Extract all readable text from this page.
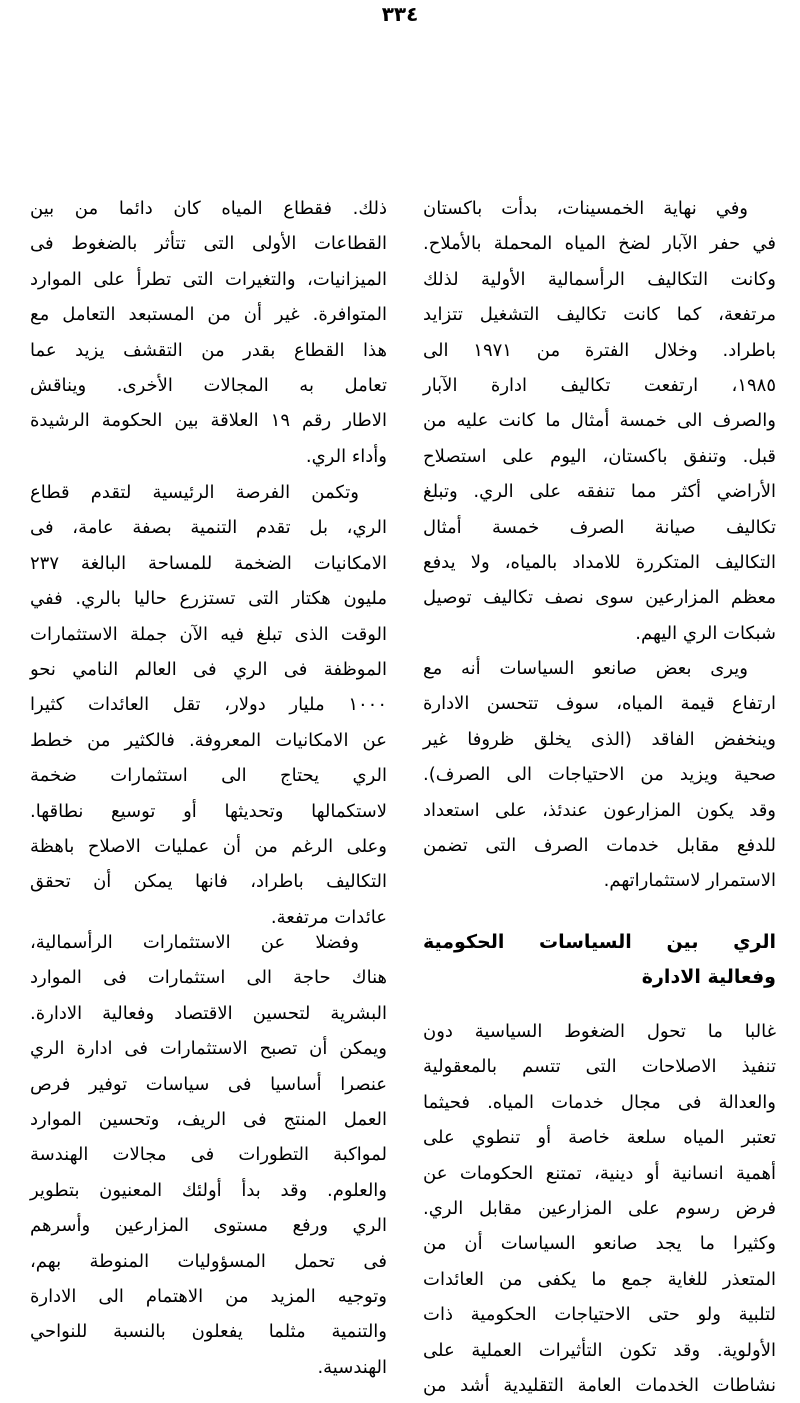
٣٣٤
وفي نهاية الخمسينات، بدأت باكستان
في حفر الآبار لضخ المياه المحملة بالأملاح.
وكانت التكاليف الرأسمالية الأولية لذلك
مرتفعة، كما كانت تكاليف التشغيل تتزايد
باطراد. وخلال الفترة من ١٩٧١ الى
١٩٨٥، ارتفعت تكاليف ادارة الآبار
والصرف الى خمسة أمثال ما كانت عليه من
قبل. وتنفق باكستان، اليوم على استصلاح
الأراضي أكثر مما تنفقه على الري. وتبلغ
تكاليف صيانة الصرف خمسة أمثال
التكاليف المتكررة للامداد بالمياه، ولا يدفع
معظم المزارعين سوى نصف تكاليف توصيل
شبكات الري اليهم.
ويرى بعض صانعو السياسات أنه مع
ارتفاع قيمة المياه، سوف تتحسن الادارة
وينخفض الفاقد (الذى يخلق ظروفا غير
صحية ويزيد من الاحتياجات الى الصرف).
وقد يكون المزارعون عندئذ، على استعداد
للدفع مقابل خدمات الصرف التى تضمن
الاستمرار لاستثماراتهم.
الري بين السياسات الحكومية
وفعالية الادارة
غالبا ما تحول الضغوط السياسية دون
تنفيذ الاصلاحات التى تتسم بالمعقولية
والعدالة فى مجال خدمات المياه. فحيثما
تعتبر المياه سلعة خاصة أو تنطوي على
أهمية انسانية أو دينية، تمتنع الحكومات عن
فرض رسوم على المزارعين مقابل الري.
وكثيرا ما يجد صانعو السياسات أن من
المتعذر للغاية جمع ما يكفى من العائدات
لتلبية ولو حتى الاحتياجات الحكومية ذات
الأولوية. وقد تكون التأثيرات العملية على
نشاطات الخدمات العامة التقليدية أشد من
ذلك. فقطاع المياه كان دائما من بين
القطاعات الأولى التى تتأثر بالضغوط فى
الميزانيات، والتغيرات التى تطرأ على الموارد
المتوافرة. غير أن من المستبعد التعامل مع
هذا القطاع بقدر من التقشف يزيد عما
تعامل به المجالات الأخرى. ويناقش
الاطار رقم ١٩ العلاقة بين الحكومة الرشيدة
وأداء الري.
وتكمن الفرصة الرئيسية لتقدم قطاع
الري، بل تقدم التنمية بصفة عامة، فى
الامكانيات الضخمة للمساحة البالغة ٢٣٧
مليون هكتار التى تستزرع حاليا بالري. ففي
الوقت الذى تبلغ فيه الآن جملة الاستثمارات
الموظفة فى الري فى العالم النامي نحو
١٠٠٠ مليار دولار، تقل العائدات كثيرا
عن الامكانيات المعروفة. فالكثير من خطط
الري يحتاج الى استثمارات ضخمة
لاستكمالها وتحديثها أو توسيع نطاقها.
وعلى الرغم من أن عمليات الاصلاح باهظة
التكاليف باطراد، فانها يمكن أن تحقق
عائدات مرتفعة.
وفضلا عن الاستثمارات الرأسمالية،
هناك حاجة الى استثمارات فى الموارد
البشرية لتحسين الاقتصاد وفعالية الادارة.
ويمكن أن تصبح الاستثمارات فى ادارة الري
عنصرا أساسيا فى سياسات توفير فرص
العمل المنتج فى الريف، وتحسين الموارد
لمواكبة التطورات فى مجالات الهندسة
والعلوم. وقد بدأ أولئك المعنيون بتطوير
الري ورفع مستوى المزارعين وأسرهم
فى تحمل المسؤوليات المنوطة بهم،
وتوجيه المزيد من الاهتمام الى الادارة
والتنمية مثلما يفعلون بالنسبة للنواحي
الهندسية.
